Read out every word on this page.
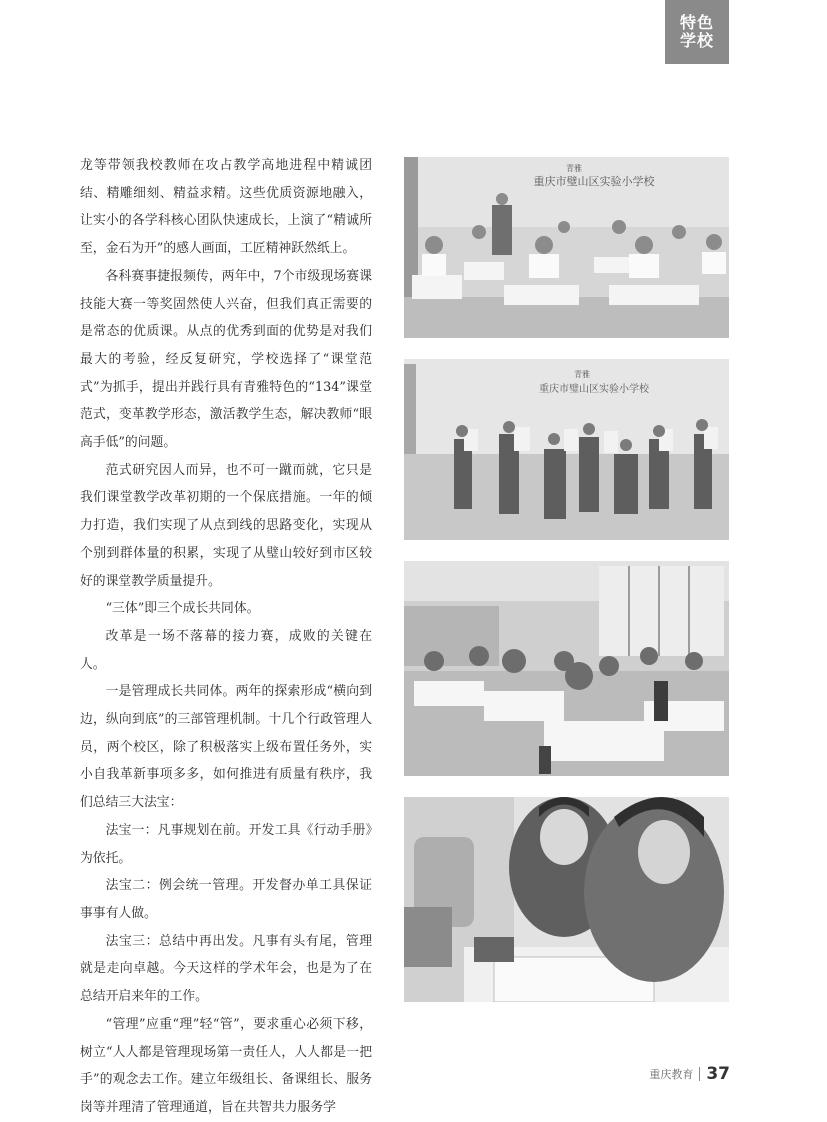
特色
学校

龙等带领我校教师在攻占教学高地进程中精诚团结、精雕细刻、精益求精。这些优质资源地融入，让实小的各学科核心团队快速成长，上演了“精诚所至，金石为开”的感人画面，工匠精神跃然纸上。

各科赛事捷报频传，两年中，7个市级现场赛课技能大赛一等奖固然使人兴奋，但我们真正需要的是常态的优质课。从点的优秀到面的优势是对我们最大的考验，经反复研究，学校选择了“课堂范式”为抓手，提出并践行具有青雅特色的“134”课堂范式，变革教学形态，激活教学生态，解决教师“眼高手低”的问题。

范式研究因人而异，也不可一蹴而就，它只是我们课堂教学改革初期的一个保底措施。一年的倾力打造，我们实现了从点到线的思路变化，实现从个别到群体量的积累，实现了从璧山较好到市区较好的课堂教学质量提升。

“三体”即三个成长共同体。

改革是一场不落幕的接力赛，成败的关键在人。

一是管理成长共同体。两年的探索形成“横向到边，纵向到底”的三部管理机制。十几个行政管理人员，两个校区，除了积极落实上级布置任务外，实小自我革新事项多多，如何推进有质量有秩序，我们总结三大法宝：

法宝一：凡事规划在前。开发工具《行动手册》为依托。

法宝二：例会统一管理。开发督办单工具保证事事有人做。

法宝三：总结中再出发。凡事有头有尾，管理就是走向卓越。今天这样的学术年会，也是为了在总结开启来年的工作。

“管理”应重“理”轻“管”，要求重心必须下移，树立“人人都是管理现场第一责任人，人人都是一把手”的观念去工作。建立年级组长、备课组长、服务岗等并理清了管理通道，旨在共智共力服务学

青雅
重庆市璧山区实验小学校
青雅
重庆市璧山区实验小学校
重庆教育 37
